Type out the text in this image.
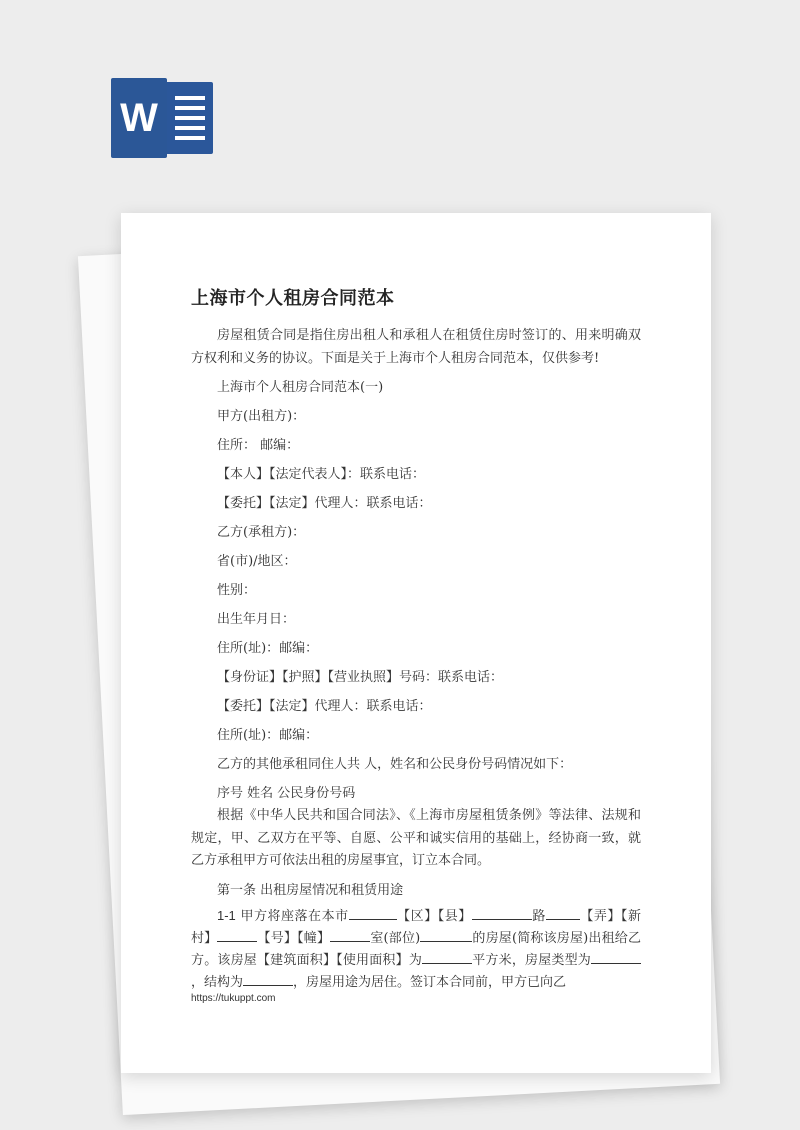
W
上海市个人租房合同范本

房屋租赁合同是指住房出租人和承租人在租赁住房时签订的、用来明确双方权利和义务的协议。下面是关于上海市个人租房合同范本，仅供参考!

上海市个人租房合同范本(一)
甲方(出租方)：
住所： 邮编：
【本人】【法定代表人】：联系电话：
【委托】【法定】代理人：联系电话：
乙方(承租方)：
省(市)/地区：
性别：
出生年月日：
住所(址)：邮编：
【身份证】【护照】【营业执照】号码：联系电话：
【委托】【法定】代理人：联系电话：
住所(址)：邮编：
乙方的其他承租同住人共 人，姓名和公民身份号码情况如下：
序号 姓名 公民身份号码

根据《中华人民共和国合同法》、《上海市房屋租赁条例》等法律、法规和规定，甲、乙双方在平等、自愿、公平和诚实信用的基础上，经协商一致，就乙方承租甲方可依法出租的房屋事宜，订立本合同。

第一条 出租房屋情况和租赁用途

1-1 甲方将座落在本市	【区】【县】	路	【弄】【新村】	【号】【幢】	室(部位)	的房屋(简称该房屋)出租给乙方。该房屋【建筑面积】【使用面积】为	平方米，房屋类型为，结构为	，房屋用途为居住。签订本合同前，甲方已向乙

https://tukuppt.com
